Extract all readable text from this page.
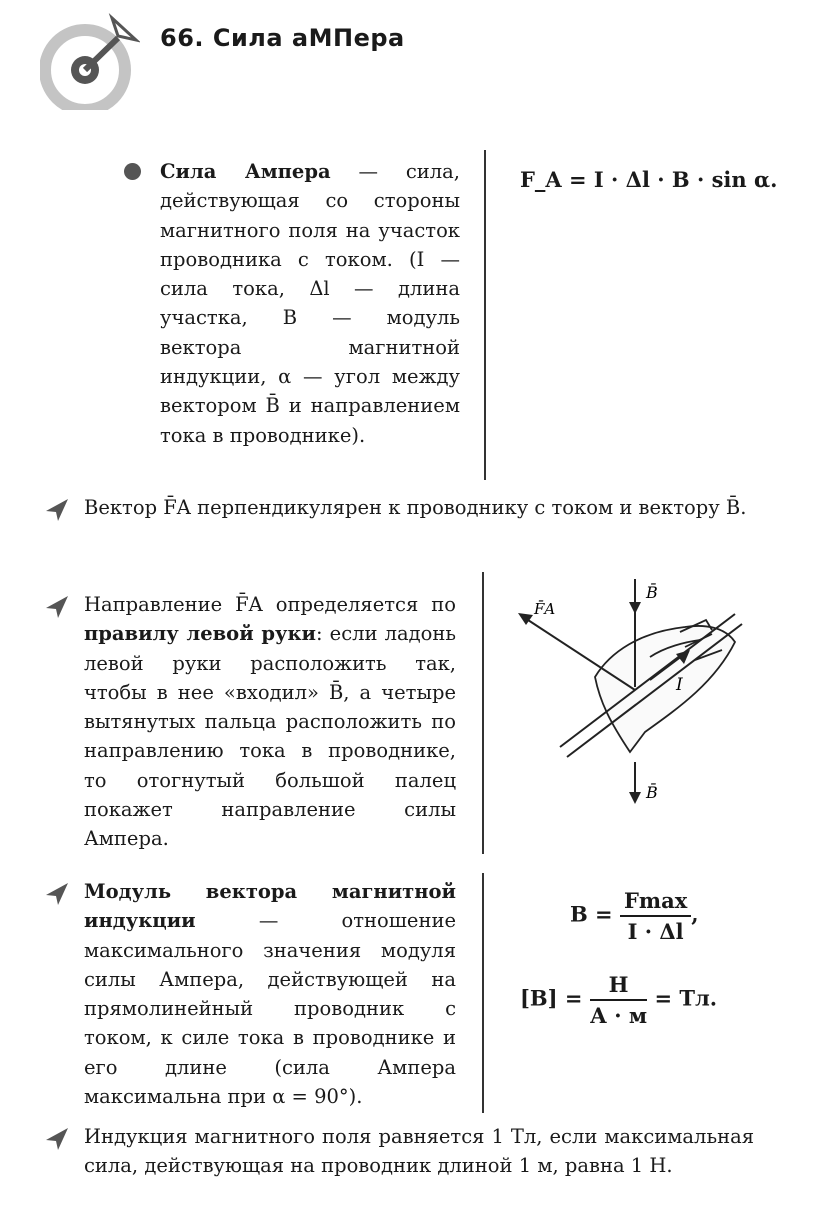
66. Сила аМПера

Сила Ампера — сила, действующая со стороны магнитного поля на участок проводника с током. (I — сила тока, Δl — длина участка, B — модуль вектора магнитной индукции, α — угол между вектором B̄ и направлением тока в проводнике).

F_A = I · Δl · B · sin α.
Вектор F̄A перпендикулярен к проводнику с током и вектору B̄.

Направление F̄A определяется по правилу левой руки: если ладонь левой руки расположить так, чтобы в нее «входил» B̄, а четыре вытянутых пальца расположить по направлению тока в проводнике, то отогнутый большой палец покажет направление силы Ампера.

F̄A
B̄
I
B̄

Модуль вектора магнитной индукции — отношение максимального значения модуля силы Ампера, действующей на прямолинейный проводник с током, к силе тока в проводнике и его длине (сила Ампера максимальна при α = 90°).

$B = \frac{Fmax}{I \cdot \Delta l}$ ,
$[B] = \frac{Н}{А \cdot м}$ = Тл.
Индукция магнитного поля равняется 1 Тл, если максимальная сила, действующая на проводник длиной 1 м, равна 1 Н.
